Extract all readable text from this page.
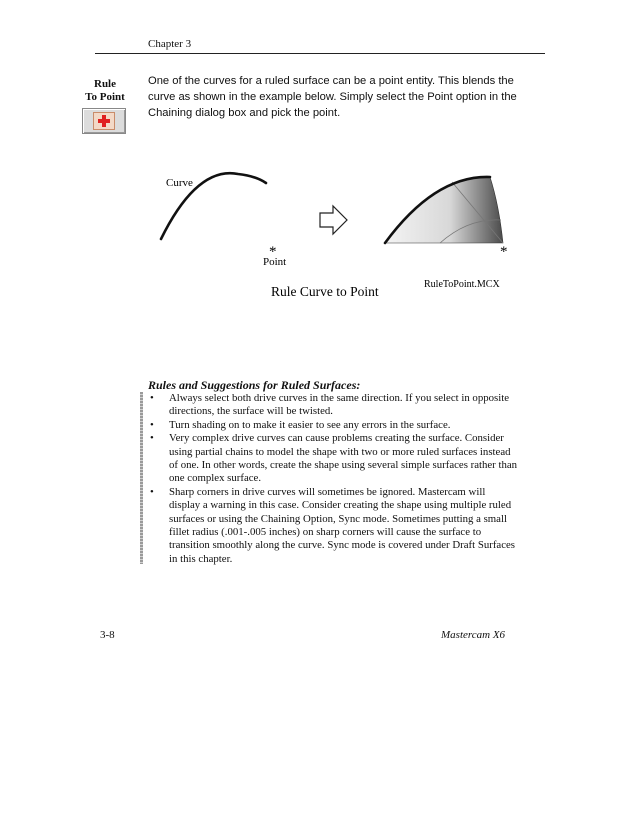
Chapter 3
Rule
To Point

One of the curves for a ruled surface can be a point entity. This blends the curve as shown in the example below. Simply select the Point option in the Chaining dialog box and pick the point.

Curve
*
Point
*
RuleToPoint.MCX
Rule Curve to Point
Rules and Suggestions for Ruled Surfaces:
• Always select both drive curves in the same direction. If you select in opposite directions, the surface will be twisted.
• Turn shading on to make it easier to see any errors in the surface.
• Very complex drive curves can cause problems creating the surface. Consider using partial chains to model the shape with two or more ruled surfaces instead of one. In other words, create the shape using several simple surfaces rather than one complex surface.
• Sharp corners in drive curves will sometimes be ignored. Mastercam will display a warning in this case. Consider creating the shape using multiple ruled surfaces or using the Chaining Option, Sync mode. Sometimes putting a small fillet radius (.001-.005 inches) on sharp corners will cause the surface to transition smoothly along the curve. Sync mode is covered under Draft Surfaces in this chapter.
3-8	Mastercam X6
